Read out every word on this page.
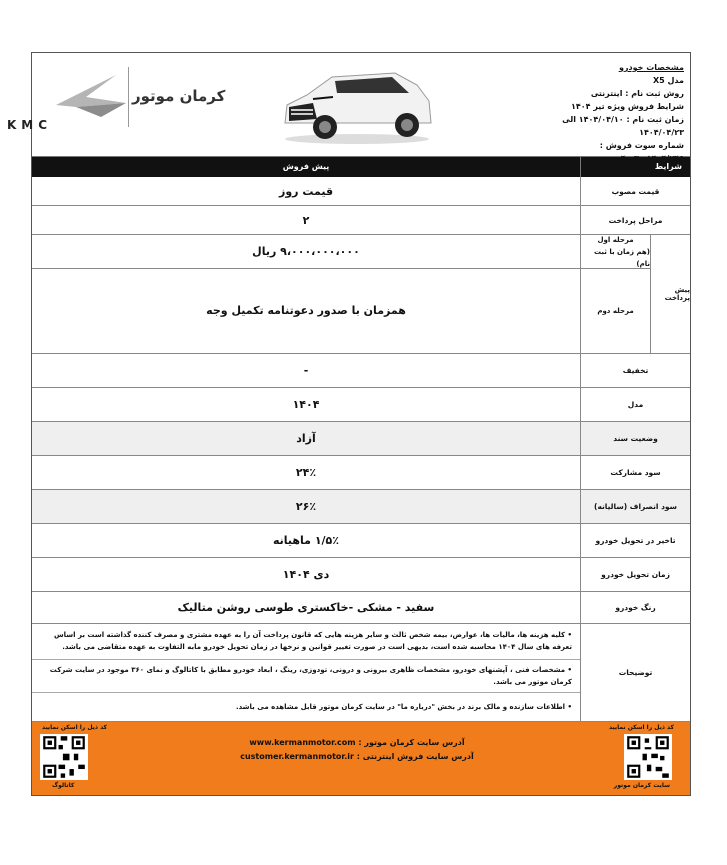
مشخصات خودرو
مدل X5
روش ثبت نام : اینترنتی
شرایط فروش ویژه تیر ۱۴۰۴
زمان ثبت نام : ۱۴۰۴/۰۴/۱۰ الی ۱۴۰۴/۰۴/۲۳
شماره سوت فروش : ۱۴۰۴/۲۴۵پ۰۳-۰۴
KMC
کرمان موتور
شرایط
پیش فروش
قیمت مصوب
قیمت روز
مراحل پرداخت
۲
پیش پرداخت
مرحله اول
(هم زمان با ثبت نام)
مرحله دوم
۹،۰۰۰،۰۰۰،۰۰۰ ریال
همزمان با صدور دعوتنامه تکمیل وجه
تخفیف
-
مدل
۱۴۰۴
وضعیت سند
آزاد
سود مشارکت
۲۴٪
سود انصراف (سالیانه)
۲۶٪
تاخیر در تحویل خودرو
۱/۵٪ ماهیانه
زمان تحویل خودرو
دی ۱۴۰۴
رنگ خودرو
سفید - مشکی -خاکستری طوسی روشن متالیک
توضیحات
• کلیه هزینه ها، مالیات ها، عوارض، بیمه شخص ثالث و سایر هزینه هایی که قانون پرداخت آن را به عهده مشتری و مصرف کننده گذاشته است بر اساس تعرفه های سال ۱۴۰۴ محاسبه شده است، بدیهی است در صورت تغییر قوانین و نرخها در زمان تحویل خودرو مابه التفاوت به عهده متقاضی می باشد.
• مشخصات فنی ، آپشنهای خودرو، مشخصات ظاهری بیرونی و درونی، تودوزی، رینگ ، ابعاد خودرو مطابق با کاتالوگ و نمای ۳۶۰ موجود در سایت شرکت کرمان موتور می باشد.
• اطلاعات سازنده و مالک برند در بخش "درباره ما" در سایت کرمان موتور قابل مشاهده می باشد.
کد ذیل را اسکن نمایید
سایت کرمان موتور
آدرس سایت کرمان موتور : www.kermanmotor.com
آدرس سایت فروش اینترنتی : customer.kermanmotor.ir
کد ذیل را اسکن نمایید
کاتالوگ
